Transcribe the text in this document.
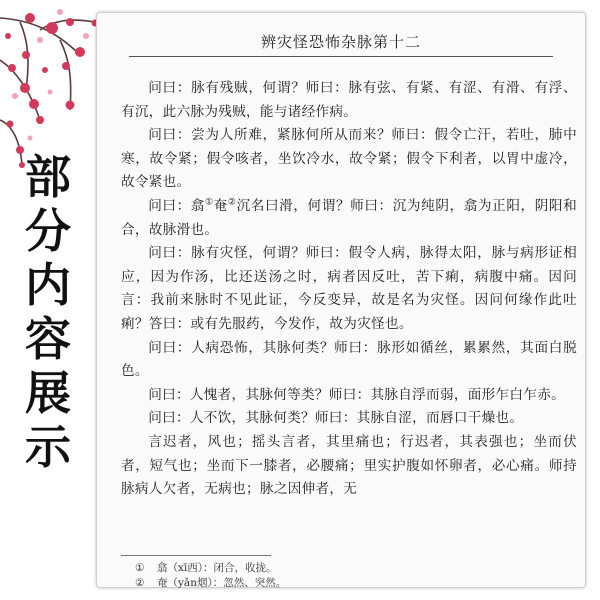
部
分
内
容
展
示
辨灾怪恐怖杂脉第十二

问曰：脉有残贼，何谓？师曰：脉有弦、有紧、有涩、有滑、有浮、有沉，此六脉为残贼，能与诸经作病。

问曰：尝为人所难，紧脉何所从而来？师曰：假令亡汗，若吐，肺中寒，故令紧；假令咳者，坐饮冷水，故令紧；假令下利者，以胃中虚冷，故令紧也。

问曰：翕①奄②沉名曰滑，何谓？师曰：沉为纯阴，翕为正阳，阴阳和合，故脉滑也。

问曰：脉有灾怪，何谓？师曰：假令人病，脉得太阳，脉与病形证相应，因为作汤，比还送汤之时，病者因反吐，苦下痢，病腹中痛。因问言：我前来脉时不见此证，今反变异，故是名为灾怪。因问何缘作此吐痢？答曰：或有先服药，今发作，故为灾怪也。

问曰：人病恐怖，其脉何类？师曰：脉形如循丝，累累然，其面白脱色。

问曰：人愧者，其脉何等类？师曰：其脉自浮而弱，面形乍白乍赤。

问曰：人不饮，其脉何类？师曰：其脉自涩，而唇口干燥也。

言迟者，风也；摇头言者，其里痛也；行迟者，其表强也；坐而伏者，短气也；坐而下一膝者，必腰痛；里实护腹如怀卵者，必心痛。师持脉病人欠者，无病也；脉之因伸者，无

① 翕（xī西）：闭合，收拢。

② 奄（yǎn烟）：忽然、突然。
